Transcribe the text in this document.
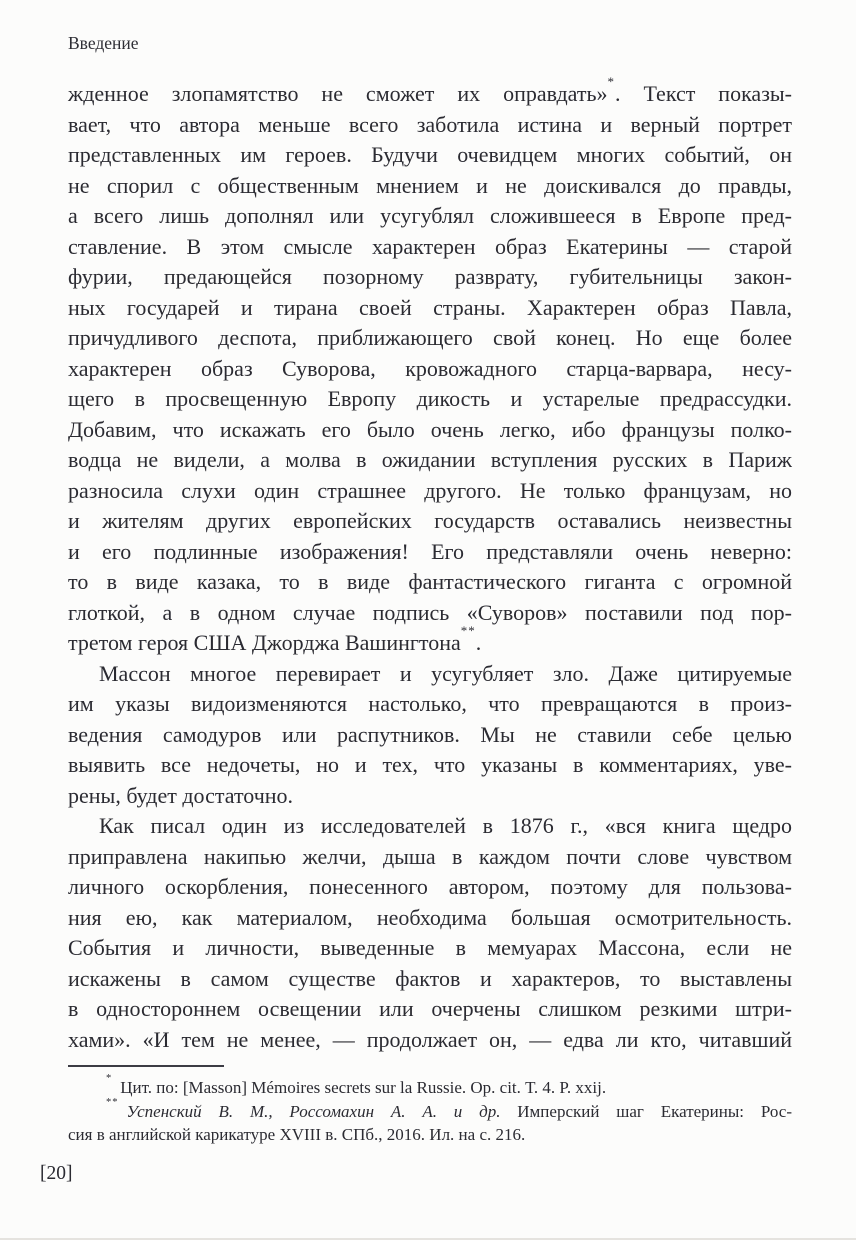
Введение
жденное злопамятство не сможет их оправдать»*. Текст показы-
вает, что автора меньше всего заботила истина и верный портрет
представленных им героев. Будучи очевидцем многих событий, он
не спорил с общественным мнением и не доискивался до правды,
а всего лишь дополнял или усугублял сложившееся в Европе пред-
ставление. В этом смысле характерен образ Екатерины — старой
фурии, предающейся позорному разврату, губительницы закон-
ных государей и тирана своей страны. Характерен образ Павла,
причудливого деспота, приближающего свой конец. Но еще более
характерен образ Суворова, кровожадного старца-варвара, несу-
щего в просвещенную Европу дикость и устарелые предрассудки.
Добавим, что искажать его было очень легко, ибо французы полко-
водца не видели, а молва в ожидании вступления русских в Париж
разносила слухи один страшнее другого. Не только французам, но
и жителям других европейских государств оставались неизвестны
и его подлинные изображения! Его представляли очень неверно:
то в виде казака, то в виде фантастического гиганта с огромной
глоткой, а в одном случае подпись «Суворов» поставили под пор-
третом героя США Джорджа Вашингтона**.
Массон многое перевирает и усугубляет зло. Даже цитируемые
им указы видоизменяются настолько, что превращаются в произ-
ведения самодуров или распутников. Мы не ставили себе целью
выявить все недочеты, но и тех, что указаны в комментариях, уве-
рены, будет достаточно.
Как писал один из исследователей в 1876 г., «вся книга щедро
приправлена накипью желчи, дыша в каждом почти слове чувством
личного оскорбления, понесенного автором, поэтому для пользова-
ния ею, как материалом, необходима большая осмотрительность.
События и личности, выведенные в мемуарах Массона, если не
искажены в самом существе фактов и характеров, то выставлены
в одностороннем освещении или очерчены слишком резкими штри-
хами». «И тем не менее, — продолжает он, — едва ли кто, читавший
* Цит. по: [Masson] Mémoires secrets sur la Russie. Op. cit. Т. 4. P. xxij.
** Успенский В. М., Россомахин А. А. и др. Имперский шаг Екатерины: Рос-
сия в английской карикатуре XVIII в. СПб., 2016. Ил. на с. 216.
[20]
